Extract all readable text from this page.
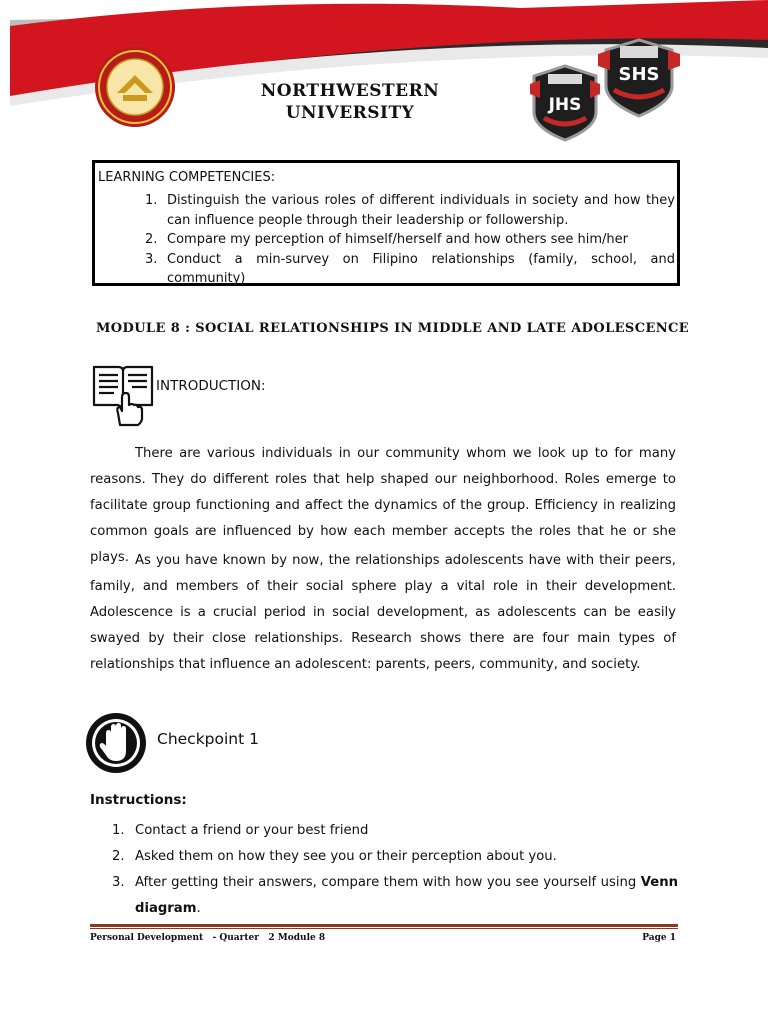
NORTHWESTERN
UNIVERSITY	JHS
SHS
LEARNING COMPETENCIES:
1. Distinguish the various roles of different individuals in society and how they can influence people through their leadership or followership.
2. Compare my perception of himself/herself and how others see him/her
3. Conduct a min-survey on Filipino relationships (family, school, and community)
MODULE 8 : SOCIAL RELATIONSHIPS IN MIDDLE AND LATE ADOLESCENCE
INTRODUCTION:
There are various individuals in our community whom we look up to for many reasons. They do different roles that help shaped our neighborhood. Roles emerge to facilitate group functioning and affect the dynamics of the group. Efficiency in realizing common goals are influenced by how each member accepts the roles that he or she plays. As you have known by now, the relationships adolescents have with their peers, family, and members of their social sphere play a vital role in their development. Adolescence is a crucial period in social development, as adolescents can be easily swayed by their close relationships. Research shows there are four main types of relationships that influence an adolescent: parents, peers, community, and society.
Checkpoint 1
Instructions:
1. Contact a friend or your best friend
2. Asked them on how they see you or their perception about you.
3. After getting their answers, compare them with how you see yourself using Venn diagram.
Personal Development   - Quarter   2 Module 8	Page 1
